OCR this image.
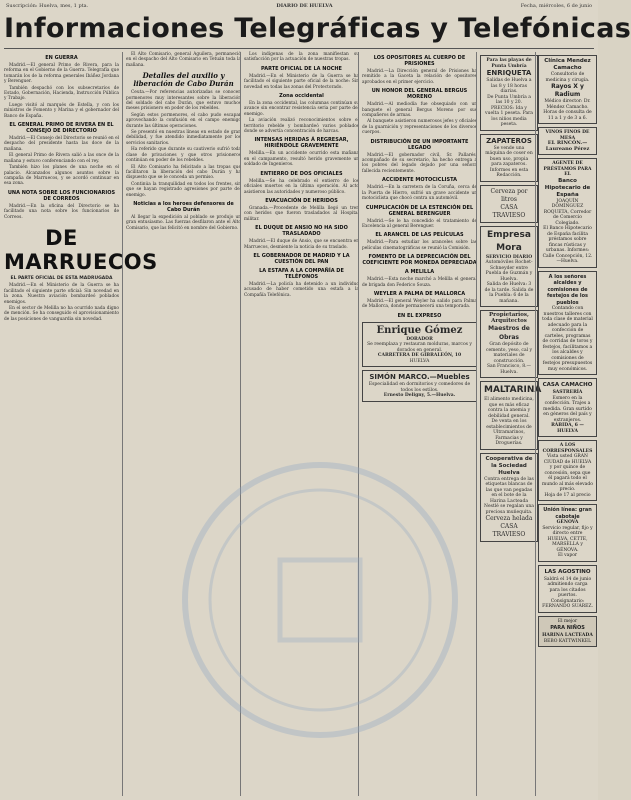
Suscripción: Huelva, mes, 1 pta.	DIARIO DE HUELVA	Fecha, miércoles, 6 de junio
Informaciones Telegráficas y Telefónicas
EN GUERRA

Madrid.—El general Primo de Rivera, para la reforma en el Gobierno de la Guerra. Telegrafía que tomarán los de la reforma generales Ibáñez Jordana y Berenguer.

También despachó con los subsecretarios de Estado, Gobernación, Hacienda, Instrucción Pública y Trabajo.

Luego visitó al marqués de Estella, y con los ministros de Fomento y Marina y el gobernador del Banco de España.

EL GENERAL PRIMO DE RIVERA EN EL CONSEJO DE DIRECTORIO

Madrid.—El Consejo del Directorio se reunió en el despacho del presidente hasta las doce de la mañana.

El general Primo de Rivera salió a las once de la mañana y estuvo conferenciando con el rey.

También hizo los planes de una noche en el palacio. Alcanzados algunos asuntos sobre la campaña de Marruecos, y se acordó continuar en esa zona.

UNA NOTA SOBRE LOS FUNCIONARIOS DE CORREOS

Madrid.—En la oficina del Directorio se ha facilitado una nota sobre los funcionarios de Correos.

DE MARRUECOS
EL PARTE OFICIAL DE ESTA MADRUGADA

Madrid.—En el Ministerio de la Guerra se ha facilitado el siguiente parte oficial: Sin novedad en la zona. Nuestra aviación bombardeó poblados enemigos.

En el sector de Melilla no ha ocurrido nada digno de mención. Se ha conseguido el aprovisionamiento de las posiciones de vanguardia sin novedad.

El Alto Comisario, general Aguilera, permaneció en el despacho del Alto Comisario en Tetuán toda la mañana.

Detalles del auxilio y liberación de Cabo Durán

Ceuta.—Por referencias autorizadas se conocen pormenores muy interesantes sobre la liberación del soldado del cabo Durán, que estuvo muchos meses prisionero en poder de los rebeldes.

Según estos pormenores, el cabo pudo escapar aprovechando la confusión en el campo enemigo durante las últimas operaciones.

Se presentó en nuestras líneas en estado de gran debilidad, y fue atendido inmediatamente por los servicios sanitarios.

Ha referido que durante su cautiverio sufrió toda clase de privaciones y que otros prisioneros continúan en poder de los rebeldes.

El Alto Comisario ha felicitado a las tropas que facilitaron la liberación del cabo Durán y ha dispuesto que se le conceda un permiso.

Continúa la tranquilidad en todos los frentes, sin que se hayan registrado agresiones por parte del enemigo.

Noticias a los heroes defensores de Cabo Durán

Al llegar la expedición al poblado se produjo un gran entusiasmo. Las fuerzas desfilaron ante el Alto Comisario, que las felicitó en nombre del Gobierno.

Los indígenas de la zona manifiestan su satisfacción por la actuación de nuestras tropas.

PARTE OFICIAL DE LA NOCHE

Madrid.—En el Ministerio de la Guerra se ha facilitado el siguiente parte oficial de la noche: Sin novedad en todas las zonas del Protectorado.

Zona occidental

En la zona occidental, las columnas continúan su avance sin encontrar resistencia seria por parte del enemigo.

La aviación realizó reconocimientos sobre el territorio rebelde y bombardeó varios poblados donde se advertía concentración de harcas.

INTENSAS HERIDAS Á REGRESAR, HIRIÉNDOLE GRAVEMENTE

Melilla.—En un accidente ocurrido esta mañana en el campamento, resultó herido gravemente un soldado de Ingenieros.

ENTIERRO DE DOS OFICIALES

Melilla.—Se ha celebrado el entierro de los oficiales muertos en la última operación. Al acto asistieron las autoridades y numeroso público.

EVACUACIÓN DE HERIDOS

Granada.—Procedente de Melilla llegó un tren con heridos que fueron trasladados al Hospital militar.

EL DUQUE DE ANSIO NO HA SIDO TRASLADADO

Madrid.—El duque de Ansio, que se encuentra en Marruecos, desmiente la noticia de su traslado.

EL GOBERNADOR DE MADRID Y LA CUESTIÓN DEL PAN
LA ESTAFA A LA COMPAÑÍA DE TELÉFONOS

Madrid.—La policía ha detenido a un individuo acusado de haber cometido una estafa a la Compañía Telefónica.

LOS OPOSITORES AL CUERPO DE PRISIONES

Madrid.—La Dirección general de Prisiones ha remitido a la Gaceta la relación de opositores aprobados en el primer ejercicio.

UN HONOR DEL GENERAL BERGUS MORENO

Madrid.—Al mediodía fue obsequiado con un banquete el general Bergus Moreno por sus compañeros de armas.

Al banquete asistieron numerosos jefes y oficiales de la guarnición y representaciones de los diversos cuerpos.

DISTRIBUCIÓN DE UN IMPORTANTE LEGADO

Madrid.—El gobernador civil, Sr. Pallarés, acompañado de su secretario, ha hecho entrega a los pobres del legado dejado por una señora fallecida recientemente.

ACCIDENTE MOTOCICLISTA

Madrid.—En la carretera de la Coruña, cerca de la Puerta de Hierro, sufrió un grave accidente un motociclista que chocó contra un automóvil.

CUMPLICACIÓN DE LA ESTENCIÓN DEL GENERAL BERENGUER

Madrid.—Se le ha concedido el tratamiento de Excelencia al general Berenguer.

EL ARANCEL DE LAS PELÍCULAS

Madrid.—Para estudiar los aranceles sobre las películas cinematográficas se reunió la Comisión.

FOMENTO DE LA DEPRECIACIÓN DEL COEFICIENTE POR MONEDA DEPRECIADA
A MELILLA

Madrid.—Esta noche marchó a Melilla el general de brigada don Federico Souza.

WEYLER A PALMA DE MALLORCA

Madrid.—El general Weyler ha salido para Palma de Mallorca, donde permanecerá una temporada.

EN EL EXPRESO
Enrique Gómez
DORADOR
Se reemplaza y restauran molduras, marcos y dorados en general.
CARRETERA DE GIBRALEÓN, 10
HUELVA
SIMÓN MARCO.—Muebles
Especialidad en dormitorios y comedores de todos los estilos.
Ernesto Deligny, 5.—Huelva.
Para las playas de Punta Umbría
ENRIQUETA
Salidas de Huelva a las 8 y 18 horas diarias.
De Punta Umbría a las 10 y 20.
PRECIOS: Ida y vuelta 1 peseta. Para los niños media peseta.
ZAPATEROS
Se vende una máquina de coser en buen uso, propia para zapateros.
Informes en esta Redacción.
Cerveza por litros
CASA TRAVIESO
Empresa Mora
SERVICIO DIARIO
Automóviles Rochet-Schneyder entre Puebla de Guzmán y Huelva.
Salida de Huelva: 3 de la tarde. Salida de la Puebla: 6 de la mañana.
Propietarios, Arquitectos
Maestros de Obras
Gran depósito de cemento, yeso, cal y materiales de construcción.
San Francisco, 8.—Huelva.
MALTARINA
El alimento medicina, que es más eficaz contra la anemia y debilidad general.
De venta en los establecimientos de Ultramarinos, Farmacias y Droguerías.
Cooperativa de la Sociedad Huelva
Contra entrega de las etiquetas blancas de las que van pegadas en el bote de la Harina Lacteada Nestlé se regalan una preciosa muñequita.
Cerveza helada
CASA TRAVIESO
Clínica Mendez Camacho
Consultorio de medicina y cirugía.
Rayos X y Radium
Médico director: Dr. Méndez Camacho. Horas de consulta de 11 a 1 y de 3 a 6.
VINOS FINOS DE MESA
EL RINCÓN.—Laureano Pérez
AGENTE DE PRÉSTAMOS PARA EL
Banco Hipotecario de España
JOAQUÍN DOMÍNGUEZ ROQUETA, Corredor de Comercio Colegiado.
El Banco Hipotecario de España facilita préstamos sobre fincas rústicas y urbanas. Informes: Calle Concepción, 12.—Huelva.
A los señores alcaldes y comisiones de festejos de los pueblos
Contando con nuestros talleres con toda clase de material adecuado para la confección de carteles, programas de corridas de toros y festejos, facilitamos a los alcaldes y comisiones de festejos presupuestos muy económicos.
CASA CAMACHO
SASTRERÍA
Esmero en la confección. Trajes a medida. Gran surtido en géneros del país y extranjeros.
RÁBIDA, 6 — HUELVA
A LOS CORRESPONSALES
Vista usted GRAN CIUDAD de HUELVA y por quince de concesión, sepa que él pagará todo el mundo al más elevado precio.
Hoja de 17 al precio
Unión línea: gran cabotaje
GÉNOVA
Servicio regular, fijo y directo entre HUELVA, CETTE, MARSELLA y GÉNOVA.
El vapor
LAS AGOSTINO
Saldrá el 14 de junio admitiendo carga para los citados puertos.
Consignatario: FERNANDO SUÁREZ.
El mejor
PARA NIÑOS
HARINA LACTEADA
BEBO KATTWINKEL
